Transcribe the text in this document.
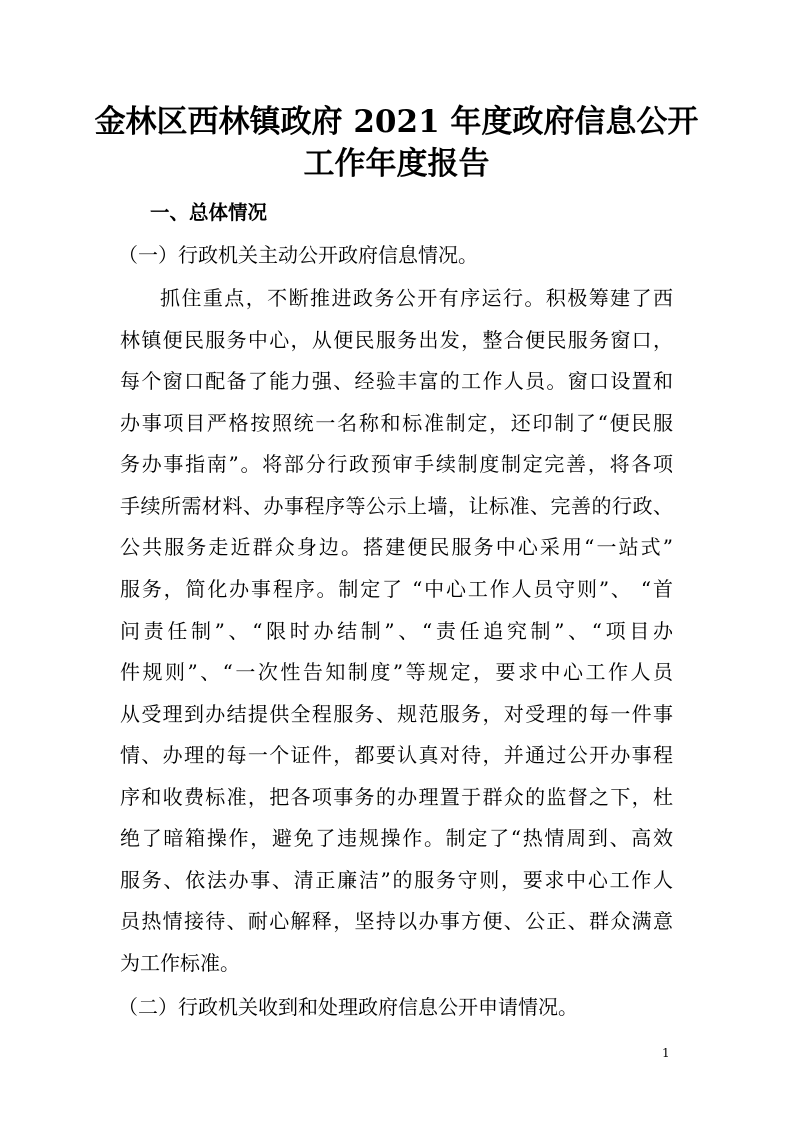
金林区西林镇政府 2021 年度政府信息公开
工作年度报告
一、总体情况

（一）行政机关主动公开政府信息情况。

抓住重点，不断推进政务公开有序运行。积极筹建了西

林镇便民服务中心，从便民服务出发，整合便民服务窗口，

每个窗口配备了能力强、经验丰富的工作人员。窗口设置和

办事项目严格按照统一名称和标准制定，还印制了“便民服

务办事指南”。将部分行政预审手续制度制定完善，将各项

手续所需材料、办事程序等公示上墙，让标准、完善的行政、

公共服务走近群众身边。搭建便民服务中心采用“一站式”

服务，简化办事程序。制定了 “中心工作人员守则”、 “首

问责任制”、“限时办结制”、“责任追究制”、“项目办

件规则”、“一次性告知制度”等规定，要求中心工作人员

从受理到办结提供全程服务、规范服务，对受理的每一件事

情、办理的每一个证件，都要认真对待，并通过公开办事程

序和收费标准，把各项事务的办理置于群众的监督之下，杜

绝了暗箱操作，避免了违规操作。制定了“热情周到、高效

服务、依法办事、清正廉洁”的服务守则，要求中心工作人

员热情接待、耐心解释，坚持以办事方便、公正、群众满意

为工作标准。

（二）行政机关收到和处理政府信息公开申请情况。

1
